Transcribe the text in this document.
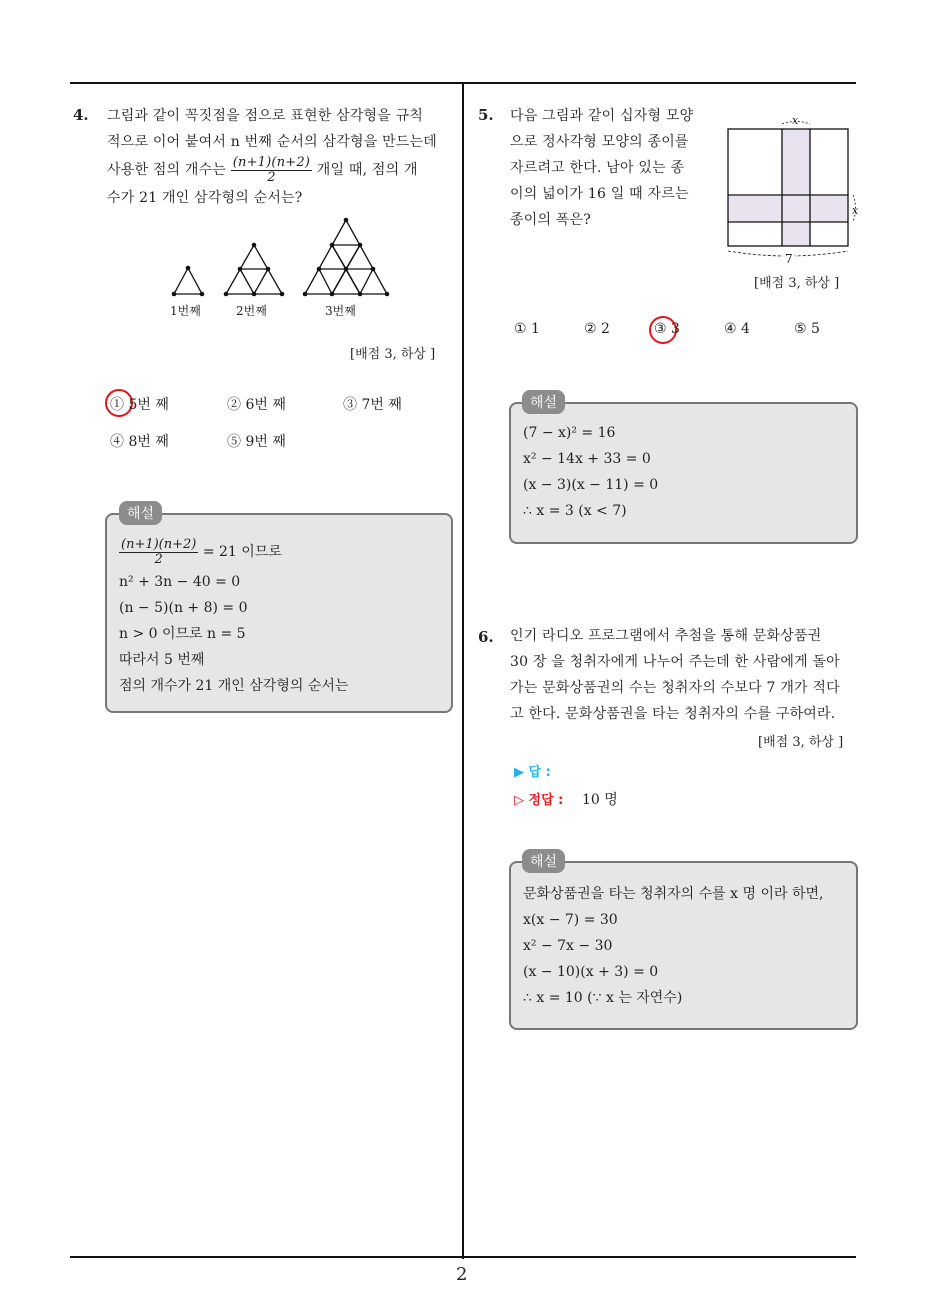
4. 그림과 같이 꼭짓점을 점으로 표현한 삼각형을 규칙
적으로 이어 붙여서 n 번째 순서의 삼각형을 만드는데
사용한 점의 개수는 $\frac{(n+1)(n+2)}{2}$ 개일 때, 점의 개
수가 21 개인 삼각형의 순서는?
1번째	2번째	3번째
[배점 3, 하상 ]
① 5번 째	② 6번 째	③ 7번 째
④ 8번 째	⑤ 9번 째
$\frac{(n+1)(n+2)}{2} = 21$ 이므로
n² + 3n − 40 = 0
(n − 5)(n + 8) = 0
n > 0 이므로 n = 5
따라서 5 번째
점의 개수가 21 개인 삼각형의 순서는
해설
5. 다음 그림과 같이 십자형 모양
으로 정사각형 모양의 종이를
자르려고 한다. 남아 있는 종
이의 넓이가 16 일 때 자르는
종이의 폭은?
x
x
7
[배점 3, 하상 ]
① 1	② 2	③ 3	④ 4	⑤ 5
(7 − x)² = 16
x² − 14x + 33 = 0
(x − 3)(x − 11) = 0
∴ x = 3 (x < 7)
해설
6. 인기 라디오 프로그램에서 추첨을 통해 문화상품권
30 장 을 청취자에게 나누어 주는데 한 사람에게 돌아
가는 문화상품권의 수는 청취자의 수보다 7 개가 적다
고 한다. 문화상품권을 타는 청취자의 수를 구하여라.
[배점 3, 하상 ]
▶ 답 :
▷ 정답 : 10 명
문화상품권을 타는 청취자의 수를 x 명 이라 하면,
x(x − 7) = 30
x² − 7x − 30
(x − 10)(x + 3) = 0
∴ x = 10 (∵ x 는 자연수)
해설
2
